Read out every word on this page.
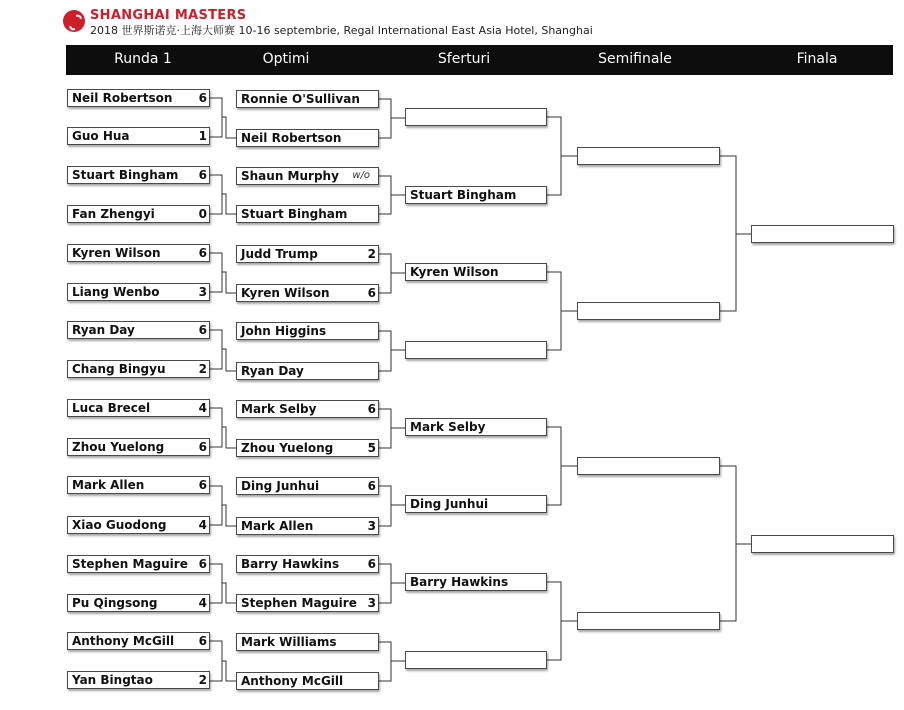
SHANGHAI MASTERS
2018 世界斯诺克·上海大师赛 10-16 septembrie, Regal International East Asia Hotel, Shanghai
Runda 1	Optimi	Sferturi	Semifinale	Finala
Neil Robertson 6
Guo Hua	1
Stuart Bingham 6
Fan Zhengyi	0
Kyren Wilson	6
Liang Wenbo	3
Ryan Day	6
Chang Bingyu	2
Luca Brecel	4
Zhou Yuelong	6
Mark Allen	6
Xiao Guodong	4
Stephen Maguire 6
Pu Qingsong	4
Anthony McGill 6
Yan Bingtao	2
Ronnie O'Sullivan
Neil Robertson
Shaun Murphy w/o
Stuart Bingham
Judd Trump	2
Kyren Wilson	6
John Higgins
Ryan Day
Mark Selby	6
Zhou Yuelong	5
Ding Junhui	6
Mark Allen	3
Barry Hawkins 6
Stephen Maguire 3
Mark Williams
Anthony McGill
Stuart Bingham
Kyren Wilson
Mark Selby
Ding Junhui
Barry Hawkins
